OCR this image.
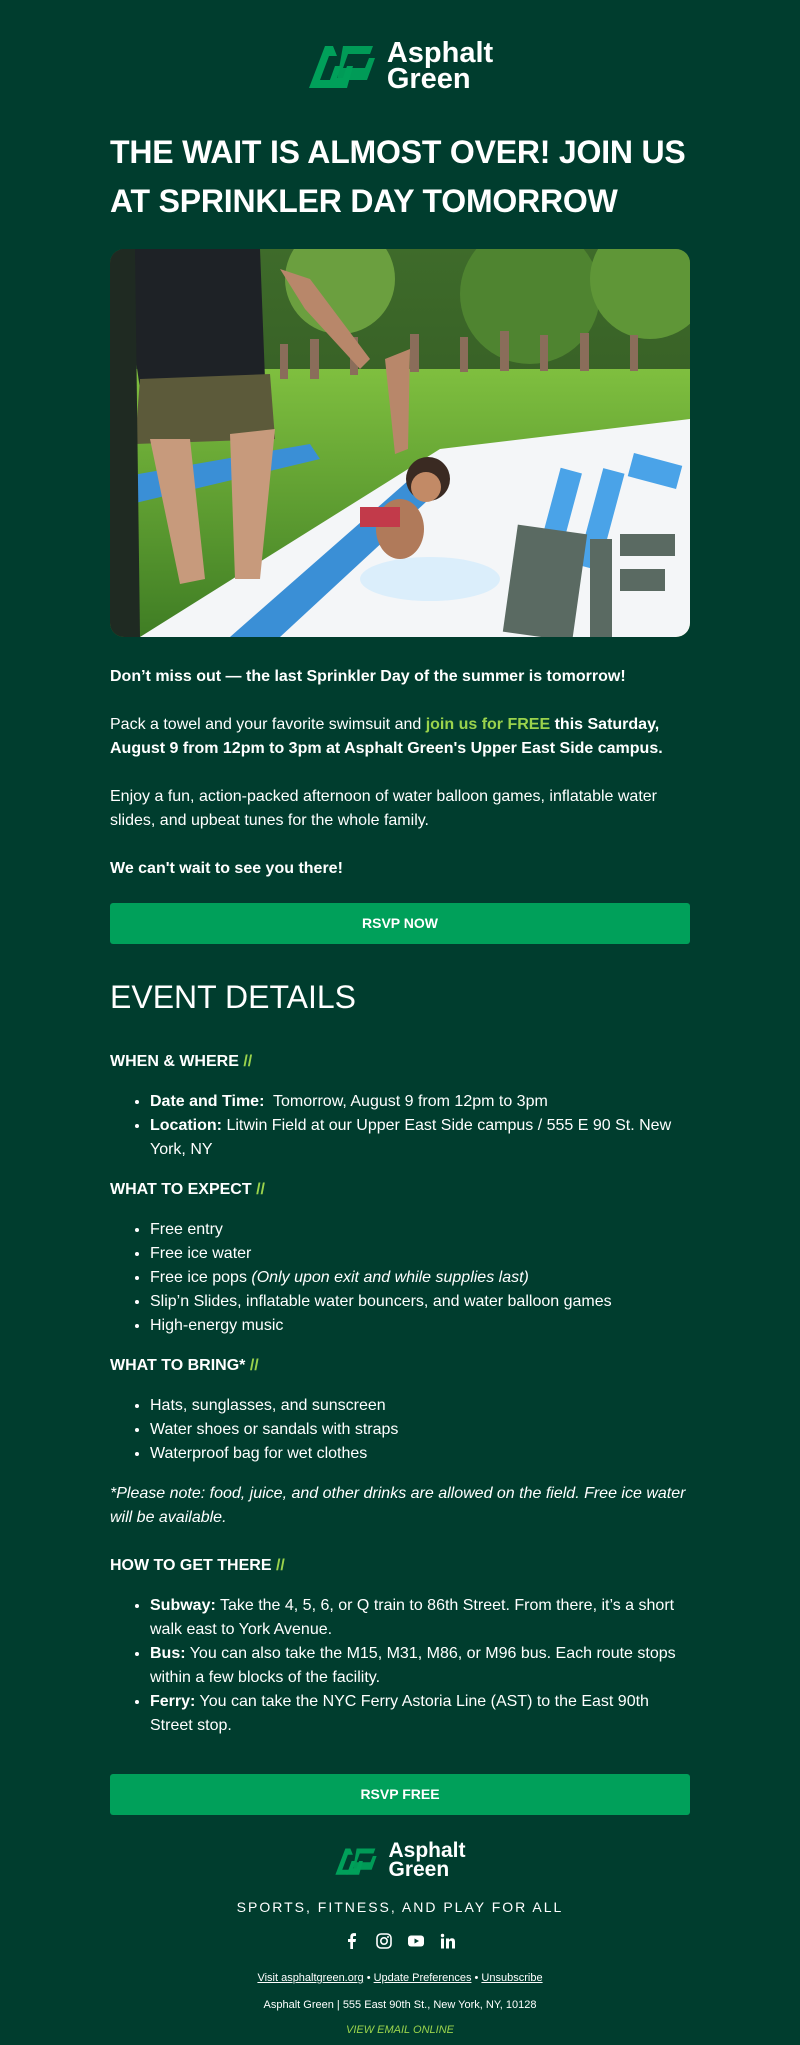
Asphalt
Green
THE WAIT IS ALMOST OVER! JOIN US AT SPRINKLER DAY TOMORROW

Don’t miss out — the last Sprinkler Day of the summer is tomorrow!

Pack a towel and your favorite swimsuit and join us for FREE this Saturday, August 9 from 12pm to 3pm at Asphalt Green's Upper East Side campus.

Enjoy a fun, action-packed afternoon of water balloon games, inflatable water slides, and upbeat tunes for the whole family.

We can't wait to see you there!

RSVP NOW
EVENT DETAILS
WHEN & WHERE //
• Date and Time: Tomorrow, August 9 from 12pm to 3pm
• Location: Litwin Field at our Upper East Side campus / 555 E 90 St. New York, NY
WHAT TO EXPECT //
• Free entry
• Free ice water
• Free ice pops (Only upon exit and while supplies last)
• Slip’n Slides, inflatable water bouncers, and water balloon games
• High-energy music
WHAT TO BRING* //
• Hats, sunglasses, and sunscreen
• Water shoes or sandals with straps
• Waterproof bag for wet clothes

*Please note: food, juice, and other drinks are allowed on the field. Free ice water will be available.

HOW TO GET THERE //
• Subway: Take the 4, 5, 6, or Q train to 86th Street. From there, it’s a short walk east to York Avenue.
• Bus: You can also take the M15, M31, M86, or M96 bus. Each route stops within a few blocks of the facility.
• Ferry: You can take the NYC Ferry Astoria Line (AST) to the East 90th Street stop.
RSVP FREE
Asphalt
Green
SPORTS, FITNESS, AND PLAY FOR ALL
Visit asphaltgreen.org • Update Preferences • Unsubscribe
Asphalt Green | 555 East 90th St., New York, NY, 10128
VIEW EMAIL ONLINE
